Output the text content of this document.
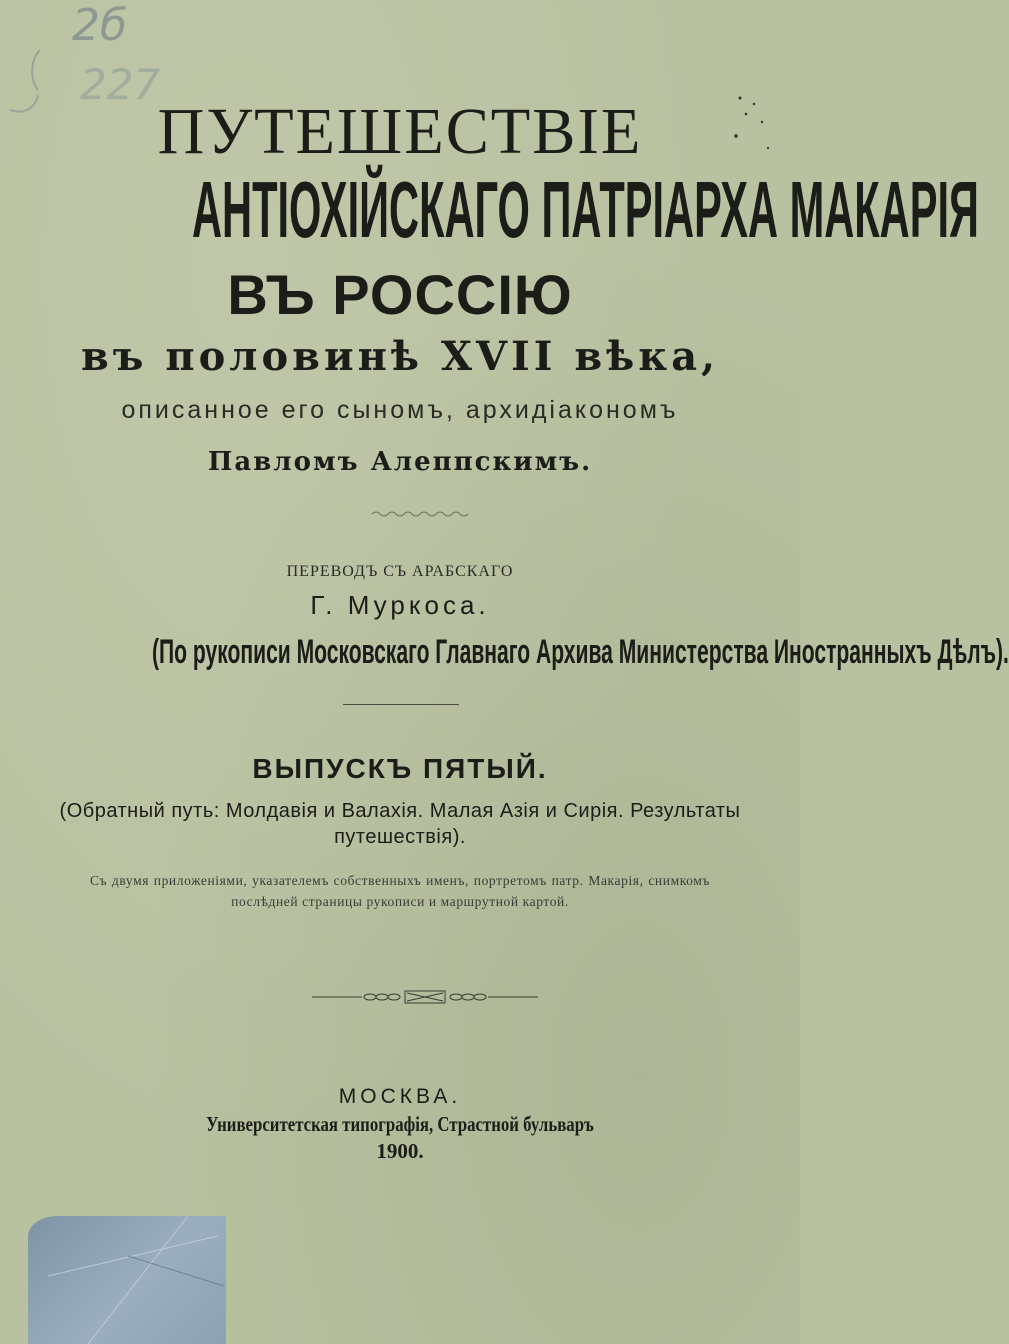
2б
227
ПУТЕШЕСТВІЕ
АНТІОХІЙСКАГО ПАТРІАРХА МАКАРІЯ
ВЪ РОССІЮ
въ половинѣ XVII вѣка,
описанное его сыномъ, архидіакономъ
Павломъ Алеппскимъ.
ПЕРЕВОДЪ СЪ АРАБСКАГО
Г. Муркоса.
(По рукописи Московскаго Главнаго Архива Министерства Иностранныхъ Дѣлъ).
ВЫПУСКЪ ПЯТЫЙ.
(Обратный путь: Молдавія и Валахія. Малая Азія и Сирія. Результаты путешествія).
Съ двумя приложеніями, указателемъ собственныхъ именъ, портретомъ патр. Макарія, снимкомъ послѣдней страницы рукописи и маршрутной картой.
МОСКВА.
Университетская типографія, Страстной бульваръ
1900.
